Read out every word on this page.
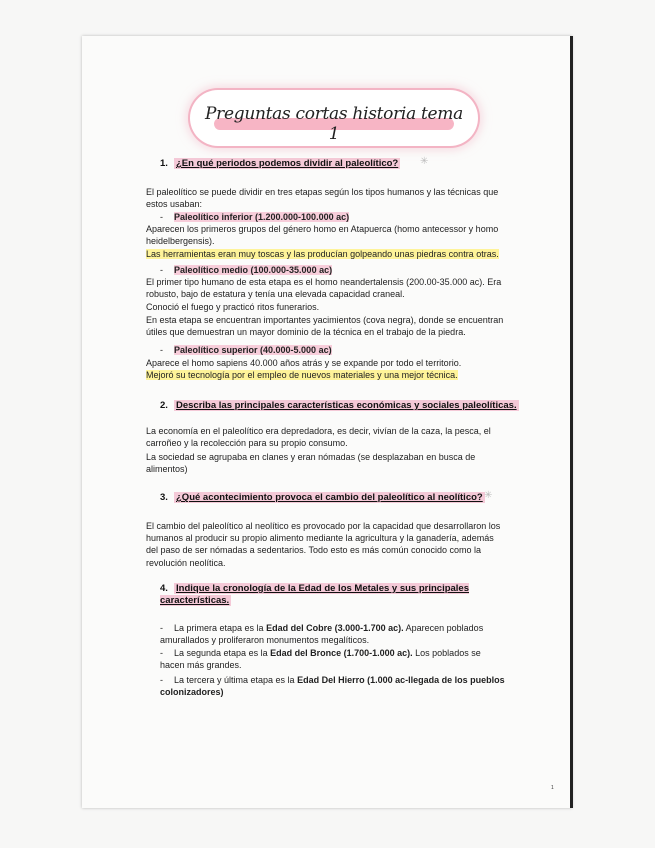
Preguntas cortas historia tema 1
1. ¿En qué periodos podemos dividir al paleolítico? ✳
El paleolítico se puede dividir en tres etapas según los tipos humanos y las técnicas que estos usaban:
- Paleolítico inferior (1.200.000-100.000 ac)
Aparecen los primeros grupos del género homo en Atapuerca (homo antecessor y homo heidelbergensis).
Las herramientas eran muy toscas y las producían golpeando unas piedras contra otras.
- Paleolítico medio (100.000-35.000 ac)
El primer tipo humano de esta etapa es el homo neandertalensis (200.00-35.000 ac). Era robusto, bajo de estatura y tenía una elevada capacidad craneal.
Conoció el fuego y practicó ritos funerarios.
En esta etapa se encuentran importantes yacimientos (cova negra), donde se encuentran útiles que demuestran un mayor dominio de la técnica en el trabajo de la piedra.
- Paleolítico superior (40.000-5.000 ac)
Aparece el homo sapiens 40.000 años atrás y se expande por todo el territorio.
Mejoró su tecnología por el empleo de nuevos materiales y una mejor técnica.
2. Describa las principales características económicas y sociales paleolíticas.
La economía en el paleolítico era depredadora, es decir, vivían de la caza, la pesca, el carroñeo y la recolección para su propio consumo.
La sociedad se agrupaba en clanes y eran nómadas (se desplazaban en busca de alimentos)
3. ¿Qué acontecimiento provoca el cambio del paleolítico al neolítico? ✳
El cambio del paleolítico al neolítico es provocado por la capacidad que desarrollaron los humanos al producir su propio alimento mediante la agricultura y la ganadería, además del paso de ser nómadas a sedentarios. Todo esto es más común conocido como la revolución neolítica.
4. Indique la cronología de la Edad de los Metales y sus principales características.
- La primera etapa es la Edad del Cobre (3.000-1.700 ac). Aparecen poblados amurallados y proliferaron monumentos megalíticos.
- La segunda etapa es la Edad del Bronce (1.700-1.000 ac). Los poblados se hacen más grandes.
- La tercera y última etapa es la Edad Del Hierro (1.000 ac-llegada de los pueblos colonizadores)
1
